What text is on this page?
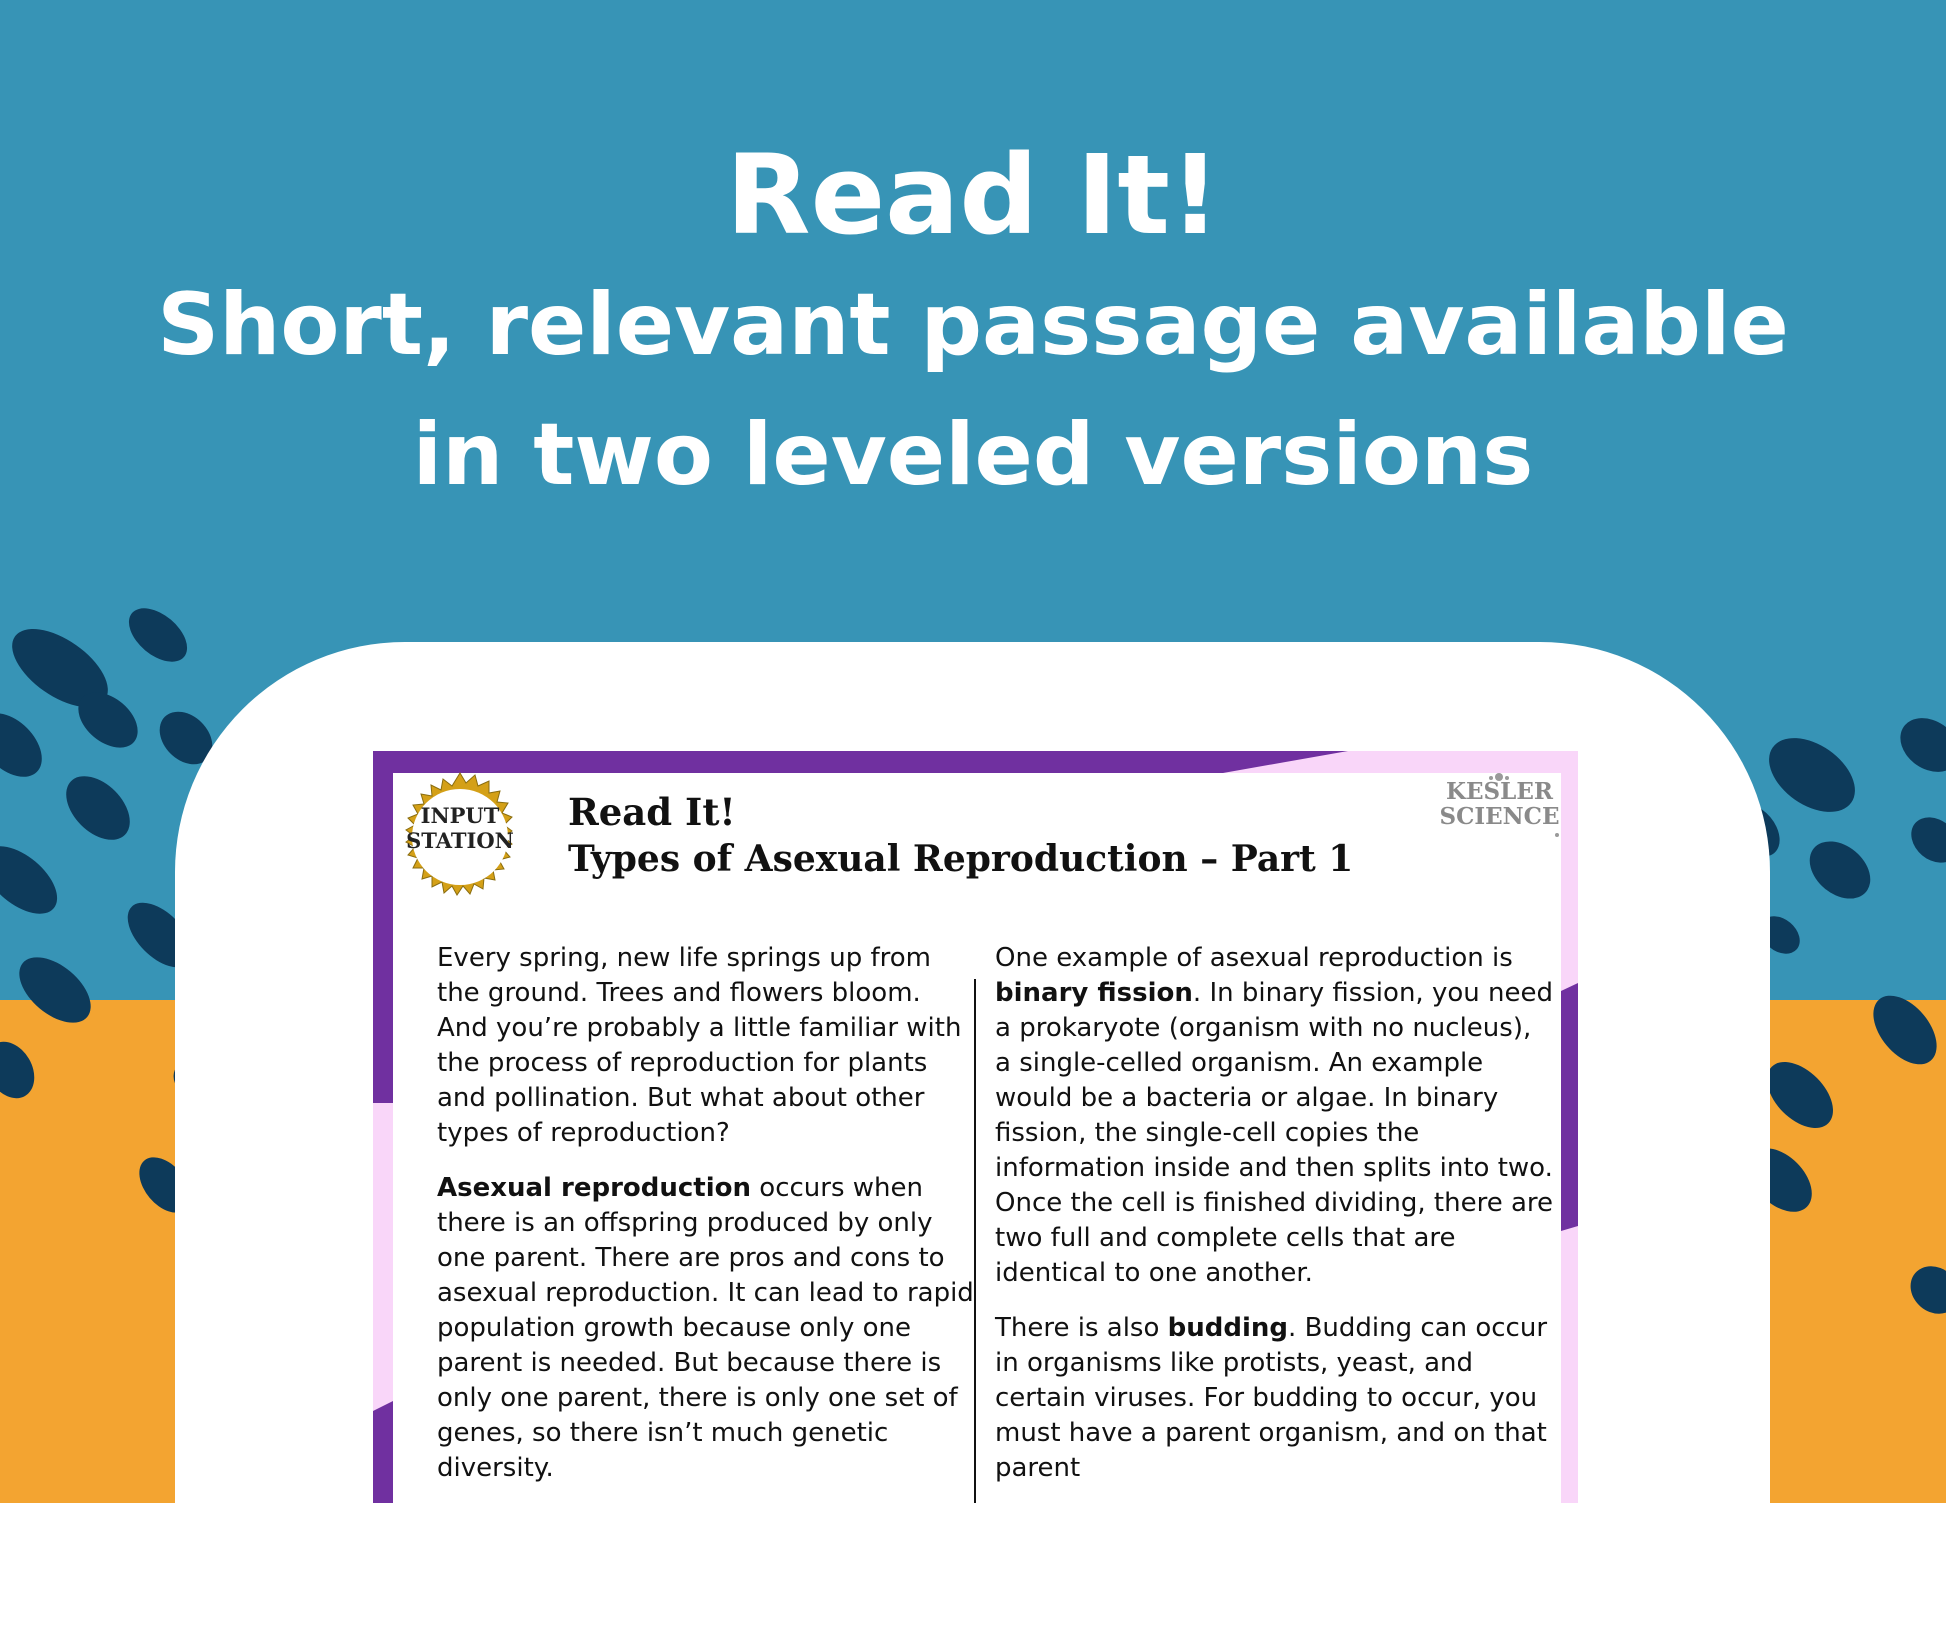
Read It!
Short, relevant passage available
in two leveled versions
INPUT
STATION
Read It!
Types of Asexual Reproduction – Part 1
KESLER
SCIENCE

Every spring, new life springs up from the ground. Trees and flowers bloom. And you’re probably a little familiar with the process of reproduction for plants and pollination. But what about other types of reproduction?

Asexual reproduction occurs when there is an offspring produced by only one parent. There are pros and cons to asexual reproduction. It can lead to rapid population growth because only one parent is needed. But because there is only one parent, there is only one set of genes, so there isn’t much genetic diversity.

One example of asexual reproduction is binary fission. In binary fission, you need a prokaryote (organism with no nucleus), a single-celled organism. An example would be a bacteria or algae. In binary fission, the single-cell copies the information inside and then splits into two. Once the cell is finished dividing, there are two full and complete cells that are identical to one another.

There is also budding. Budding can occur in organisms like protists, yeast, and certain viruses. For budding to occur, you must have a parent organism, and on that parent
